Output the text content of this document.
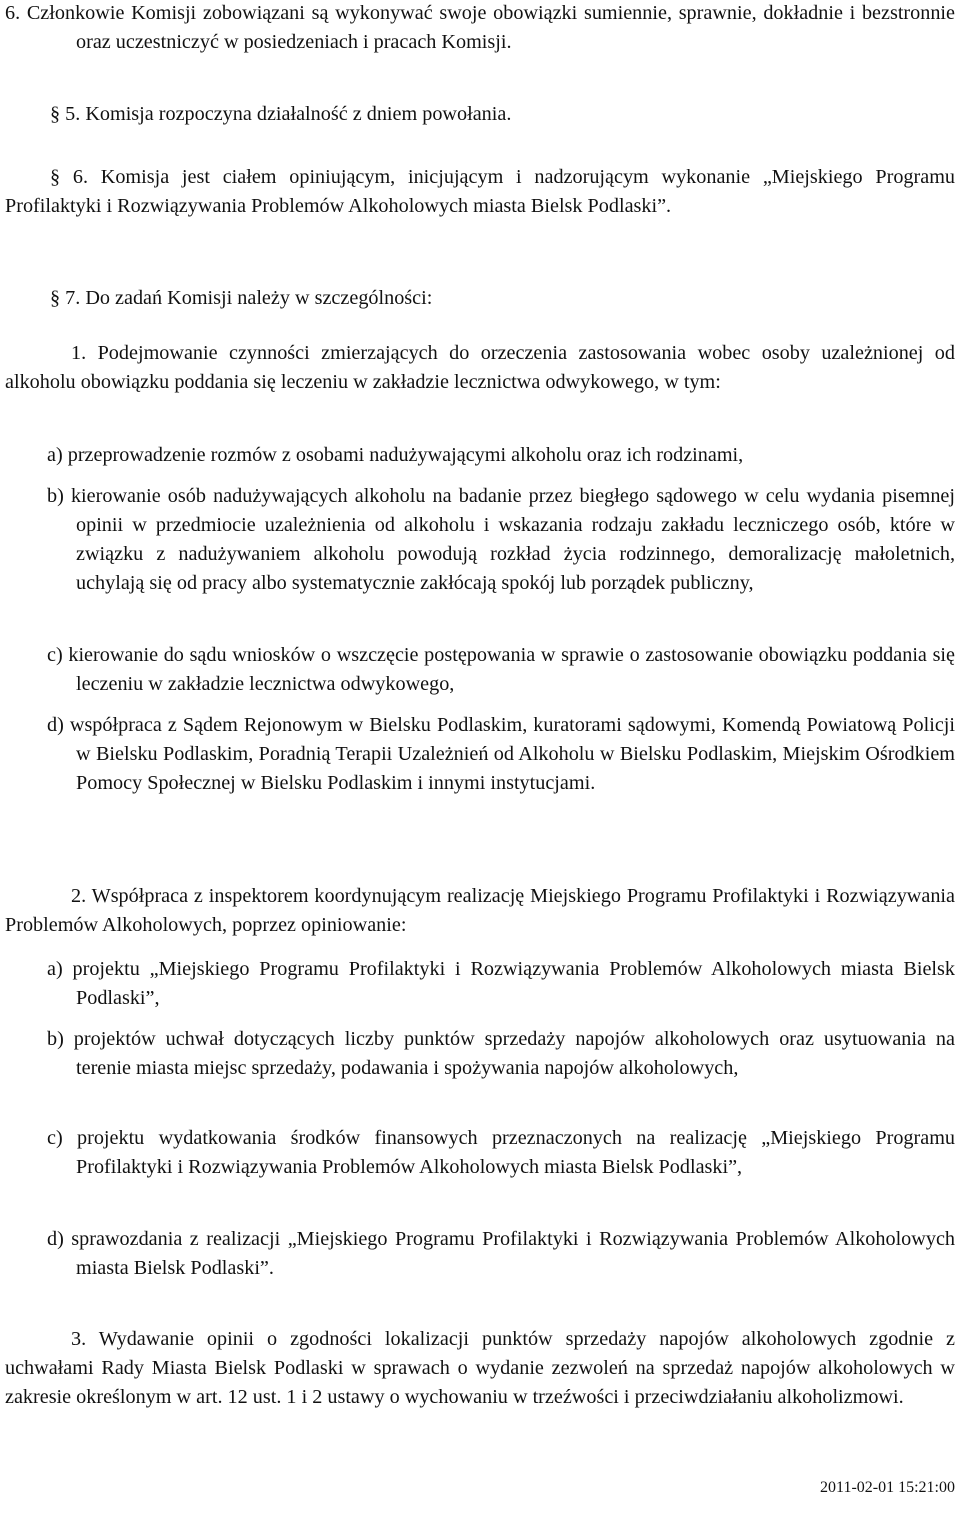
6. Członkowie Komisji zobowiązani są wykonywać swoje obowiązki sumiennie, sprawnie, dokładnie i bezstronnie oraz uczestniczyć w posiedzeniach i pracach Komisji.

§ 5. Komisja rozpoczyna działalność z dniem powołania.

§ 6. Komisja jest ciałem opiniującym, inicjującym i nadzorującym wykonanie „Miejskiego Programu Profilaktyki i Rozwiązywania Problemów Alkoholowych miasta Bielsk Podlaski”.

§ 7. Do zadań Komisji należy w szczególności:

1. Podejmowanie czynności zmierzających do orzeczenia zastosowania wobec osoby uzależnionej od alkoholu obowiązku poddania się leczeniu w zakładzie lecznictwa odwykowego, w tym:

a) przeprowadzenie rozmów z osobami nadużywającymi alkoholu oraz ich rodzinami,

b) kierowanie osób nadużywających alkoholu na badanie przez biegłego sądowego w celu wydania pisemnej opinii w przedmiocie uzależnienia od alkoholu i wskazania rodzaju zakładu leczniczego osób, które w związku z nadużywaniem alkoholu powodują rozkład życia rodzinnego, demoralizację małoletnich, uchylają się od pracy albo systematycznie zakłócają spokój lub porządek publiczny,

c) kierowanie do sądu wniosków o wszczęcie postępowania w sprawie o zastosowanie obowiązku poddania się leczeniu w zakładzie lecznictwa odwykowego,

d) współpraca z Sądem Rejonowym w Bielsku Podlaskim, kuratorami sądowymi, Komendą Powiatową Policji w Bielsku Podlaskim, Poradnią Terapii Uzależnień od Alkoholu w Bielsku Podlaskim, Miejskim Ośrodkiem Pomocy Społecznej w Bielsku Podlaskim i innymi instytucjami.

2. Współpraca z inspektorem koordynującym realizację Miejskiego Programu Profilaktyki i Rozwiązywania Problemów Alkoholowych, poprzez opiniowanie:

a) projektu „Miejskiego Programu Profilaktyki i Rozwiązywania Problemów Alkoholowych miasta Bielsk Podlaski”,

b) projektów uchwał dotyczących liczby punktów sprzedaży napojów alkoholowych oraz usytuowania na terenie miasta miejsc sprzedaży, podawania i spożywania napojów alkoholowych,

c) projektu wydatkowania środków finansowych przeznaczonych na realizację „Miejskiego Programu Profilaktyki i Rozwiązywania Problemów Alkoholowych miasta Bielsk Podlaski”,

d) sprawozdania z realizacji „Miejskiego Programu Profilaktyki i Rozwiązywania Problemów Alkoholowych miasta Bielsk Podlaski”.

3. Wydawanie opinii o zgodności lokalizacji punktów sprzedaży napojów alkoholowych zgodnie z uchwałami Rady Miasta Bielsk Podlaski w sprawach o wydanie zezwoleń na sprzedaż napojów alkoholowych w zakresie określonym w art. 12 ust. 1 i 2 ustawy o wychowaniu w trzeźwości i przeciwdziałaniu alkoholizmowi.

2011-02-01 15:21:00
